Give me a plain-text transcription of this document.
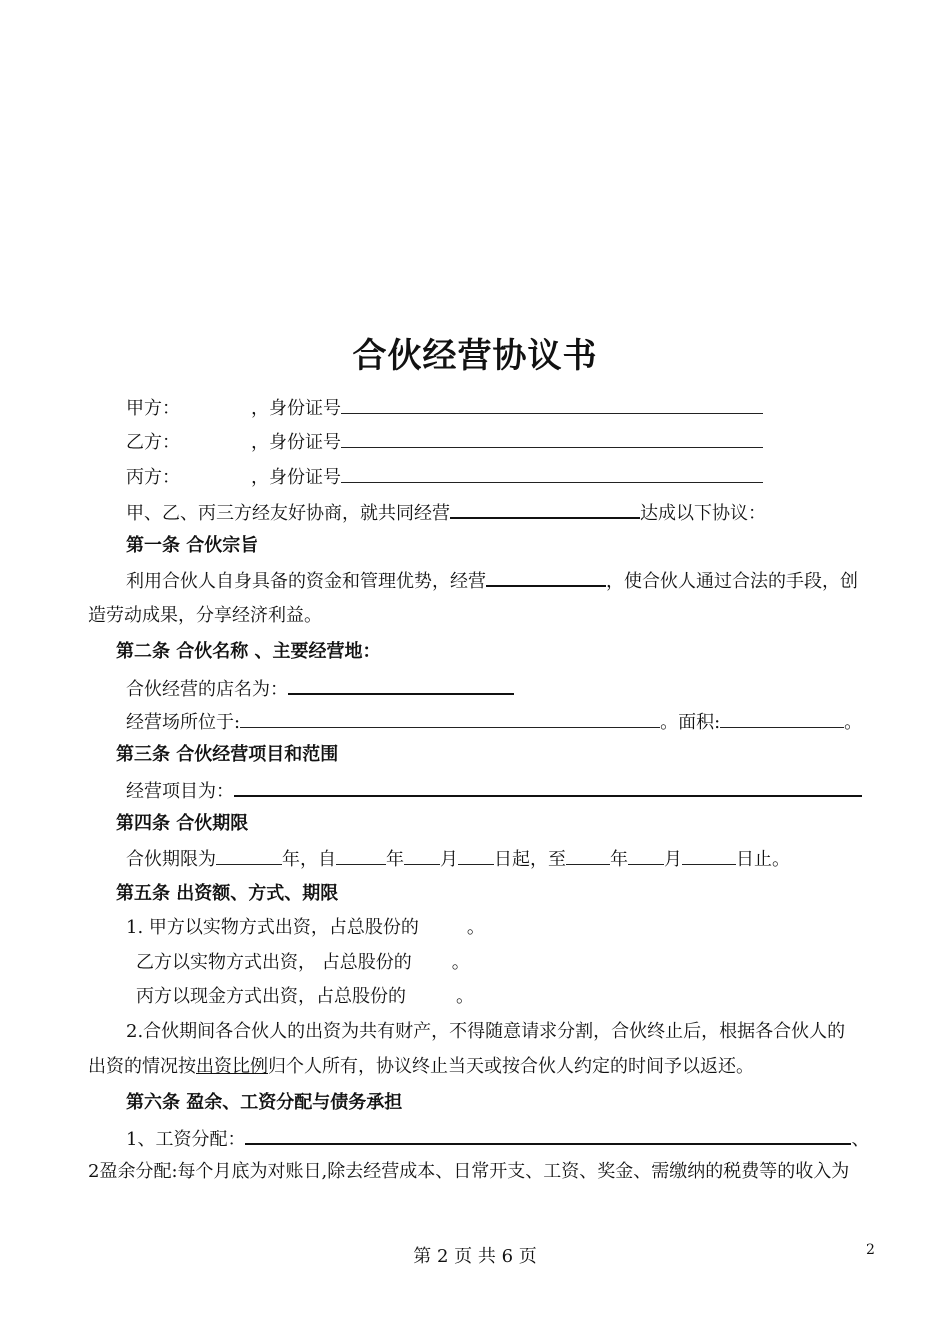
合伙经营协议书
甲方：	，身份证号
乙方：	，身份证号
丙方：	，身份证号
甲、乙、丙三方经友好协商，就共同经营	达成以下协议：
第一条 合伙宗旨
利用合伙人自身具备的资金和管理优势，经营	，使合伙人通过合法的手段，创
造劳动成果，分享经济利益。
第二条 合伙名称 、主要经营地：
合伙经营的店名为：
经营场所位于:	。面积:	。
第三条 合伙经营项目和范围
经营项目为：
第四条 合伙期限
合伙期限为	年，自	年 月 日起，至 年 月	日止。
第五条 出资额、方式、期限
1. 甲方以实物方式出资，占总股份的	。
乙方以实物方式出资， 占总股份的 。
丙方以现金方式出资，占总股份的	。
2.合伙期间各合伙人的出资为共有财产，不得随意请求分割，合伙终止后，根据各合伙人的
出资的情况按出资比例归个人所有，协议终止当天或按合伙人约定的时间予以返还。
第六条 盈余、工资分配与债务承担
1、工资分配：	、
2盈余分配:每个月底为对账日,除去经营成本、日常开支、工资、奖金、需缴纳的税费等的收入为
第 2 页 共 6 页	2
